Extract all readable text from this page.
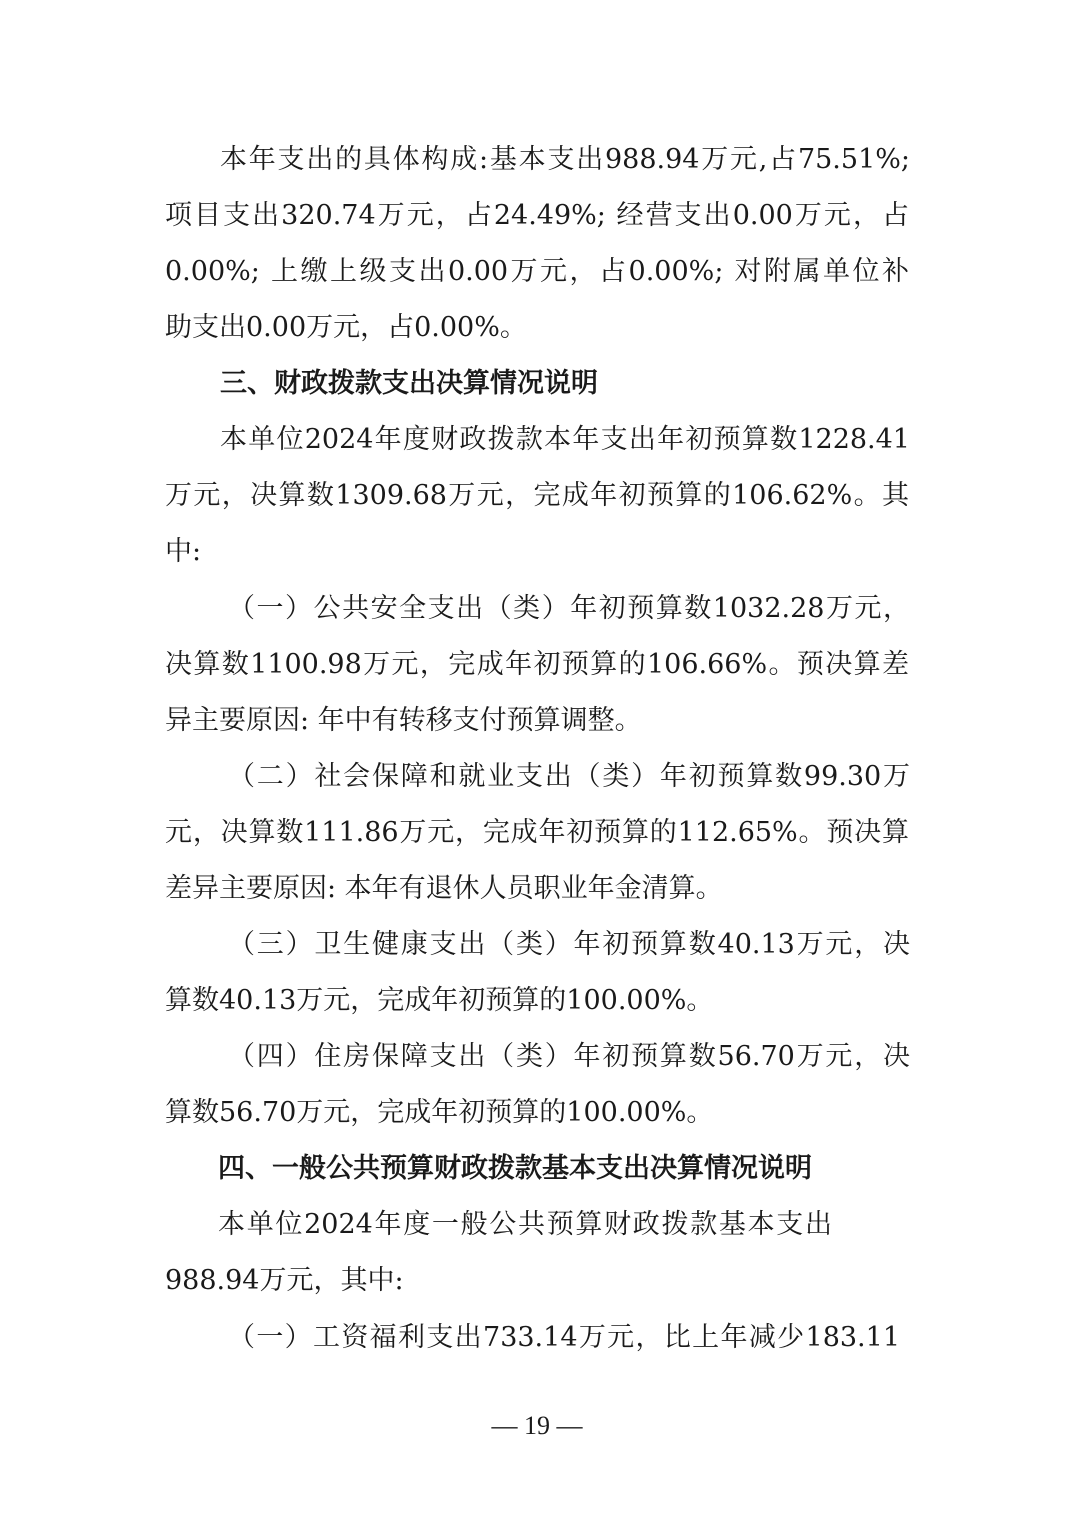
本年支出的具体构成:基本支出988.94万元,占75.51%;
项目支出320.74万元，占24.49%; 经营支出0.00万元，占
0.00%; 上缴上级支出0.00万元，占0.00%; 对附属单位补
助支出0.00万元，占0.00%。
三、财政拨款支出决算情况说明
本单位2024年度财政拨款本年支出年初预算数1228.41
万元，决算数1309.68万元，完成年初预算的106.62%。其
中:
（一）公共安全支出（类）年初预算数1032.28万元，
决算数1100.98万元，完成年初预算的106.66%。预决算差
异主要原因: 年中有转移支付预算调整。
（二）社会保障和就业支出（类）年初预算数99.30万
元，决算数111.86万元，完成年初预算的112.65%。预决算
差异主要原因: 本年有退休人员职业年金清算。
（三）卫生健康支出（类）年初预算数40.13万元，决
算数40.13万元，完成年初预算的100.00%。
（四）住房保障支出（类）年初预算数56.70万元，决
算数56.70万元，完成年初预算的100.00%。
四、一般公共预算财政拨款基本支出决算情况说明
本单位2024年度一般公共预算财政拨款基本支出
988.94万元，其中:
（一）工资福利支出733.14万元，比上年减少183.11
— 19 —
